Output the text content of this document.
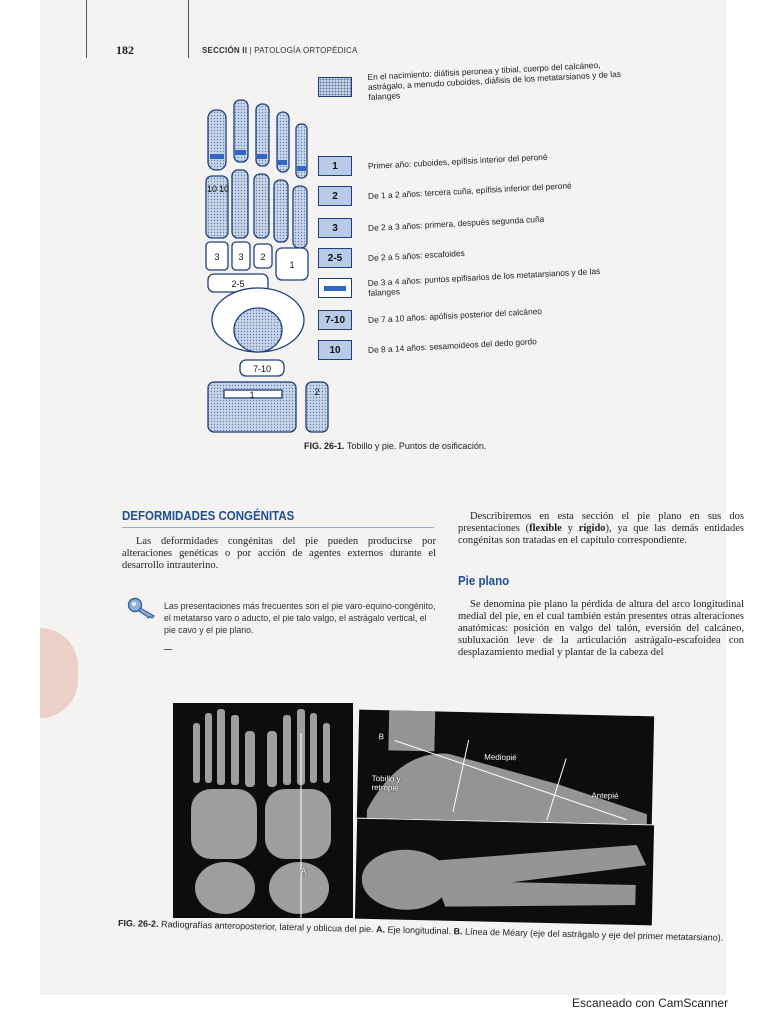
182	SECCIÓN II | PATOLOGÍA ORTOPÉDICA
10 10
3 3 2
1
2-5
7-10
1	2
En el nacimiento: diáfisis peronea y tibial, cuerpo del calcáneo, astrágalo, a menudo cuboides, diáfisis de los metatarsianos y de las falanges
1	Primer año: cuboides, epífisis interior del peroné
2	De 1 a 2 años: tercera cuña, epífisis inferior del peroné
3	De 2 a 3 años: primera, después segunda cuña
2-5	De 2 a 5 años: escafoides
De 3 a 4 años: puntos epifisarios de los metatarsianos y de las falanges
7-10	De 7 a 10 años: apófisis posterior del calcáneo
10	De 8 a 14 años: sesamoideos del dedo gordo
FIG. 26-1. Tobillo y pie. Puntos de osificación.
DEFORMIDADES CONGÉNITAS
Las deformidades congénitas del pie pueden producirse por alteraciones genéticas o por acción de agentes externos durante el desarrollo intrauterino.
Las presentaciones más frecuentes son el pie varo-equino-congénito, el metatarso varo o aducto, el pie talo valgo, el astrágalo vertical, el pie cavo y el pie plano.
Describiremos en esta sección el pie plano en sus dos presentaciones (flexible y rígido), ya que las demás entidades congénitas son tratadas en el capítulo correspondiente.
Pie plano
Se denomina pie plano la pérdida de altura del arco longitudinal medial del pie, en el cual también están presentes otras alteraciones anatómicas: posición en valgo del talón, eversión del calcáneo, subluxación leve de la articulación astrágalo-escafoidea con desplazamiento medial y plantar de la cabeza del
A
B
Mediopié
Tobillo y retropié
Antepié
FIG. 26-2. Radiografías anteroposterior, lateral y oblicua del pie. A. Eje longitudinal. B. Línea de Méary (eje del astrágalo y eje del primer metatarsiano).
Escaneado con CamScanner
